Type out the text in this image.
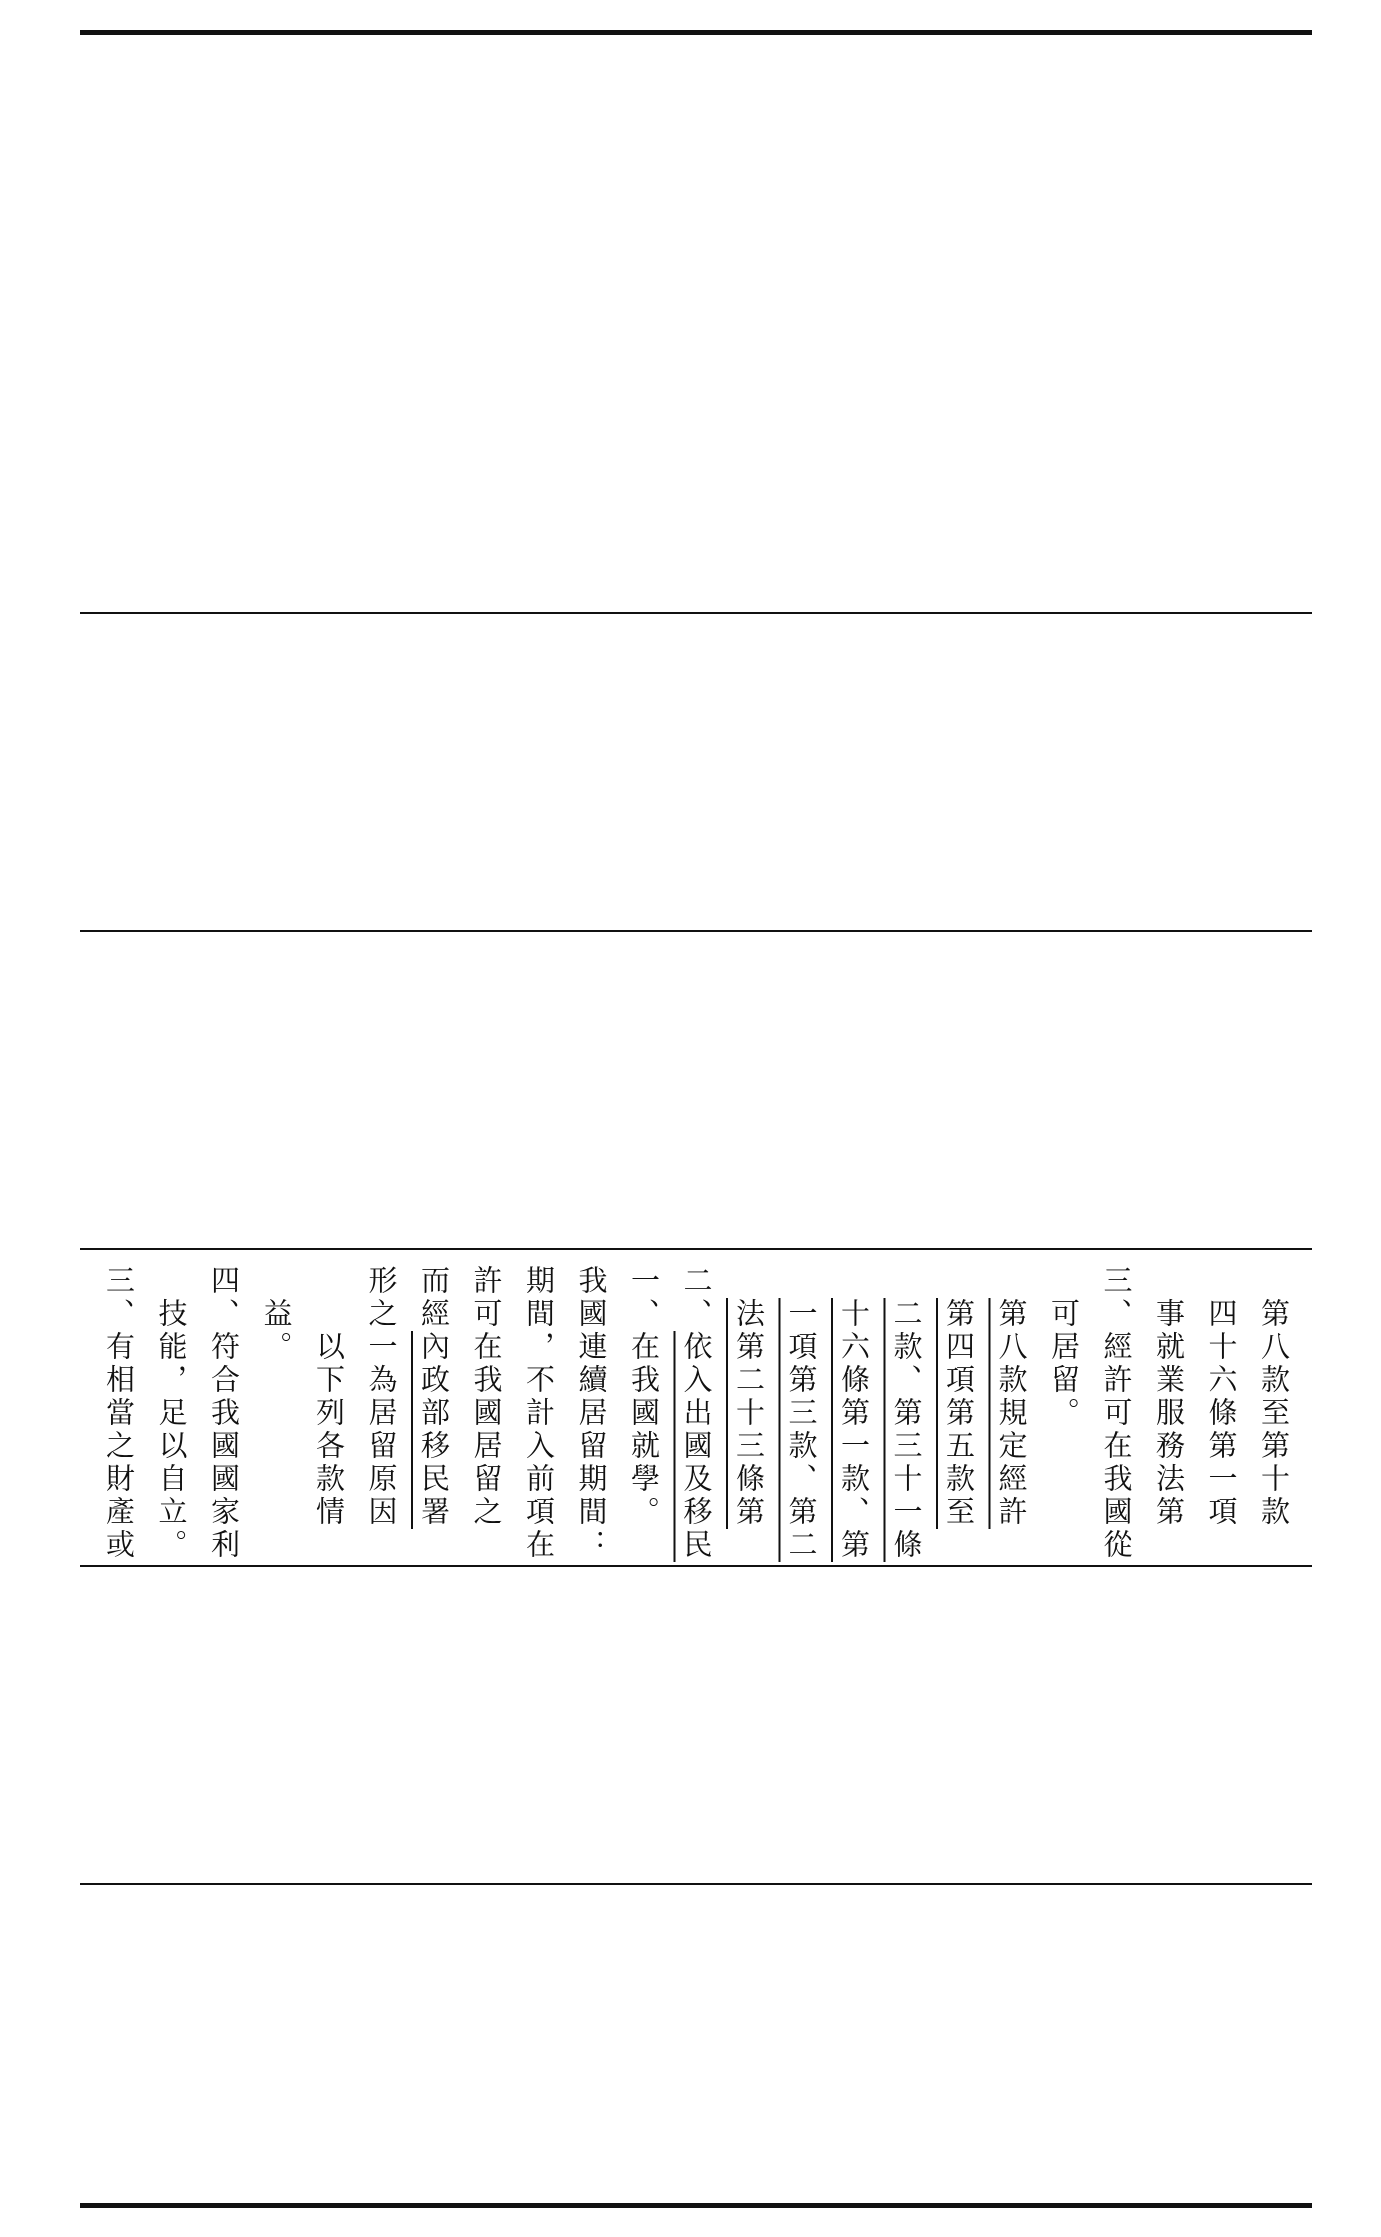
三、有相當之財產或 技能，足以自立。 四、符合我國國家利 益。 以下列各款情 形之一為居留原因 而經內政部移民署 許可在我國居留之 期間，不計入前項在 我國連續居留期間： 一、在我國就學。 二、依入出國及移民 法第二十三條第 一項第三款、第二 十六條第一款、第 二款、第三十一條 第四項第五款至 第八款規定經許 可居留。 三、經許可在我國從 事就業服務法第 四十六條第一項 第八款至第十款
